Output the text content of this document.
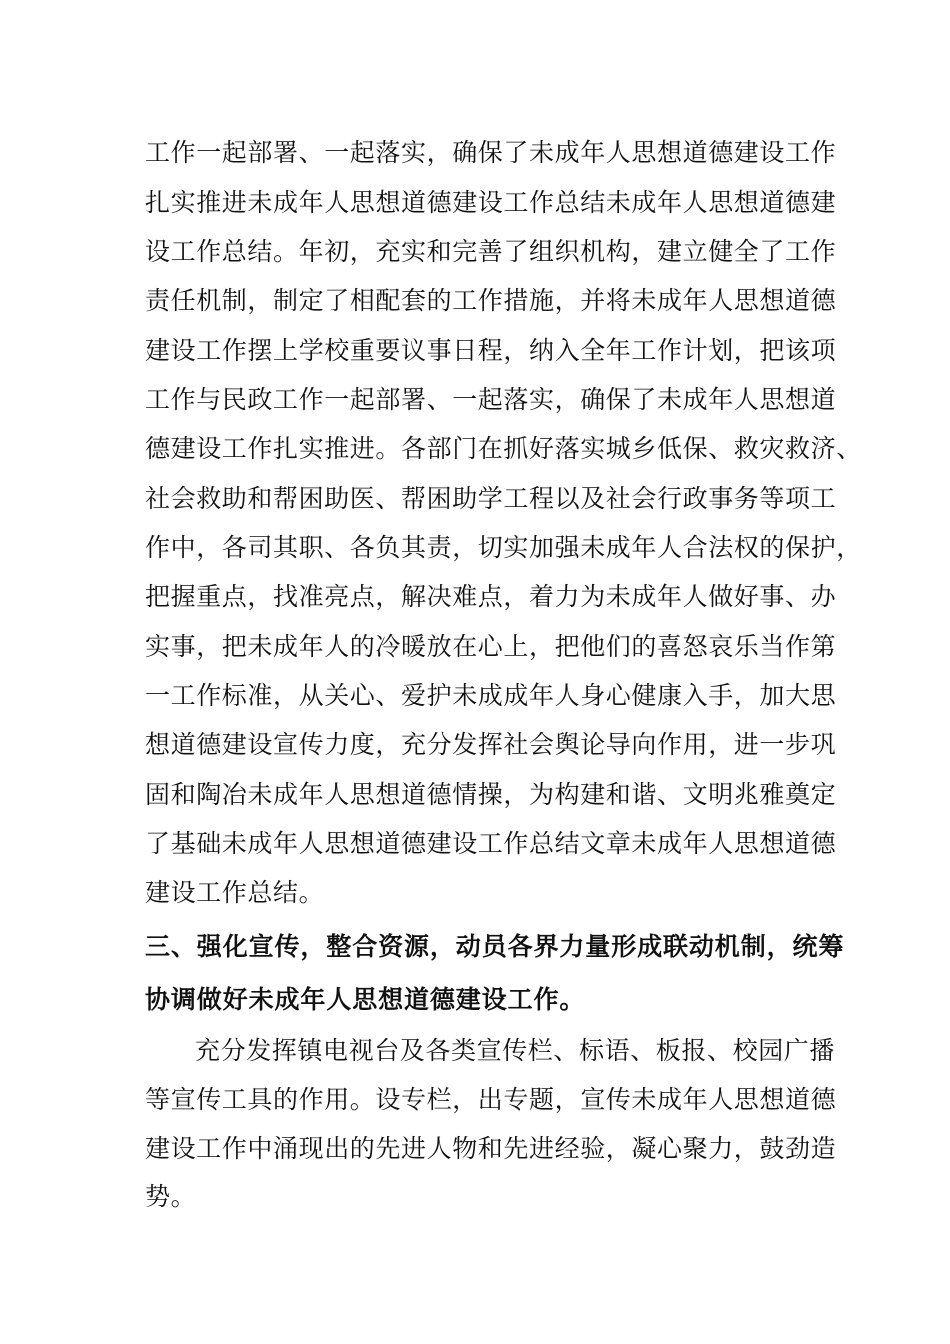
工作一起部署、一起落实，确保了未成年人思想道德建设工作
扎实推进未成年人思想道德建设工作总结未成年人思想道德建
设工作总结。年初，充实和完善了组织机构，建立健全了工作
责任机制，制定了相配套的工作措施，并将未成年人思想道德
建设工作摆上学校重要议事日程，纳入全年工作计划，把该项
工作与民政工作一起部署、一起落实，确保了未成年人思想道
德建设工作扎实推进。各部门在抓好落实城乡低保、救灾救济、
社会救助和帮困助医、帮困助学工程以及社会行政事务等项工
作中，各司其职、各负其责，切实加强未成年人合法权的保护，
把握重点，找准亮点，解决难点，着力为未成年人做好事、办
实事，把未成年人的冷暖放在心上，把他们的喜怒哀乐当作第
一工作标准，从关心、爱护未成成年人身心健康入手，加大思
想道德建设宣传力度，充分发挥社会舆论导向作用，进一步巩
固和陶冶未成年人思想道德情操，为构建和谐、文明兆雅奠定
了基础未成年人思想道德建设工作总结文章未成年人思想道德
建设工作总结。
三、强化宣传，整合资源，动员各界力量形成联动机制，统筹
协调做好未成年人思想道德建设工作。
充分发挥镇电视台及各类宣传栏、标语、板报、校园广播
等宣传工具的作用。设专栏，出专题，宣传未成年人思想道德
建设工作中涌现出的先进人物和先进经验，凝心聚力，鼓劲造
势。
